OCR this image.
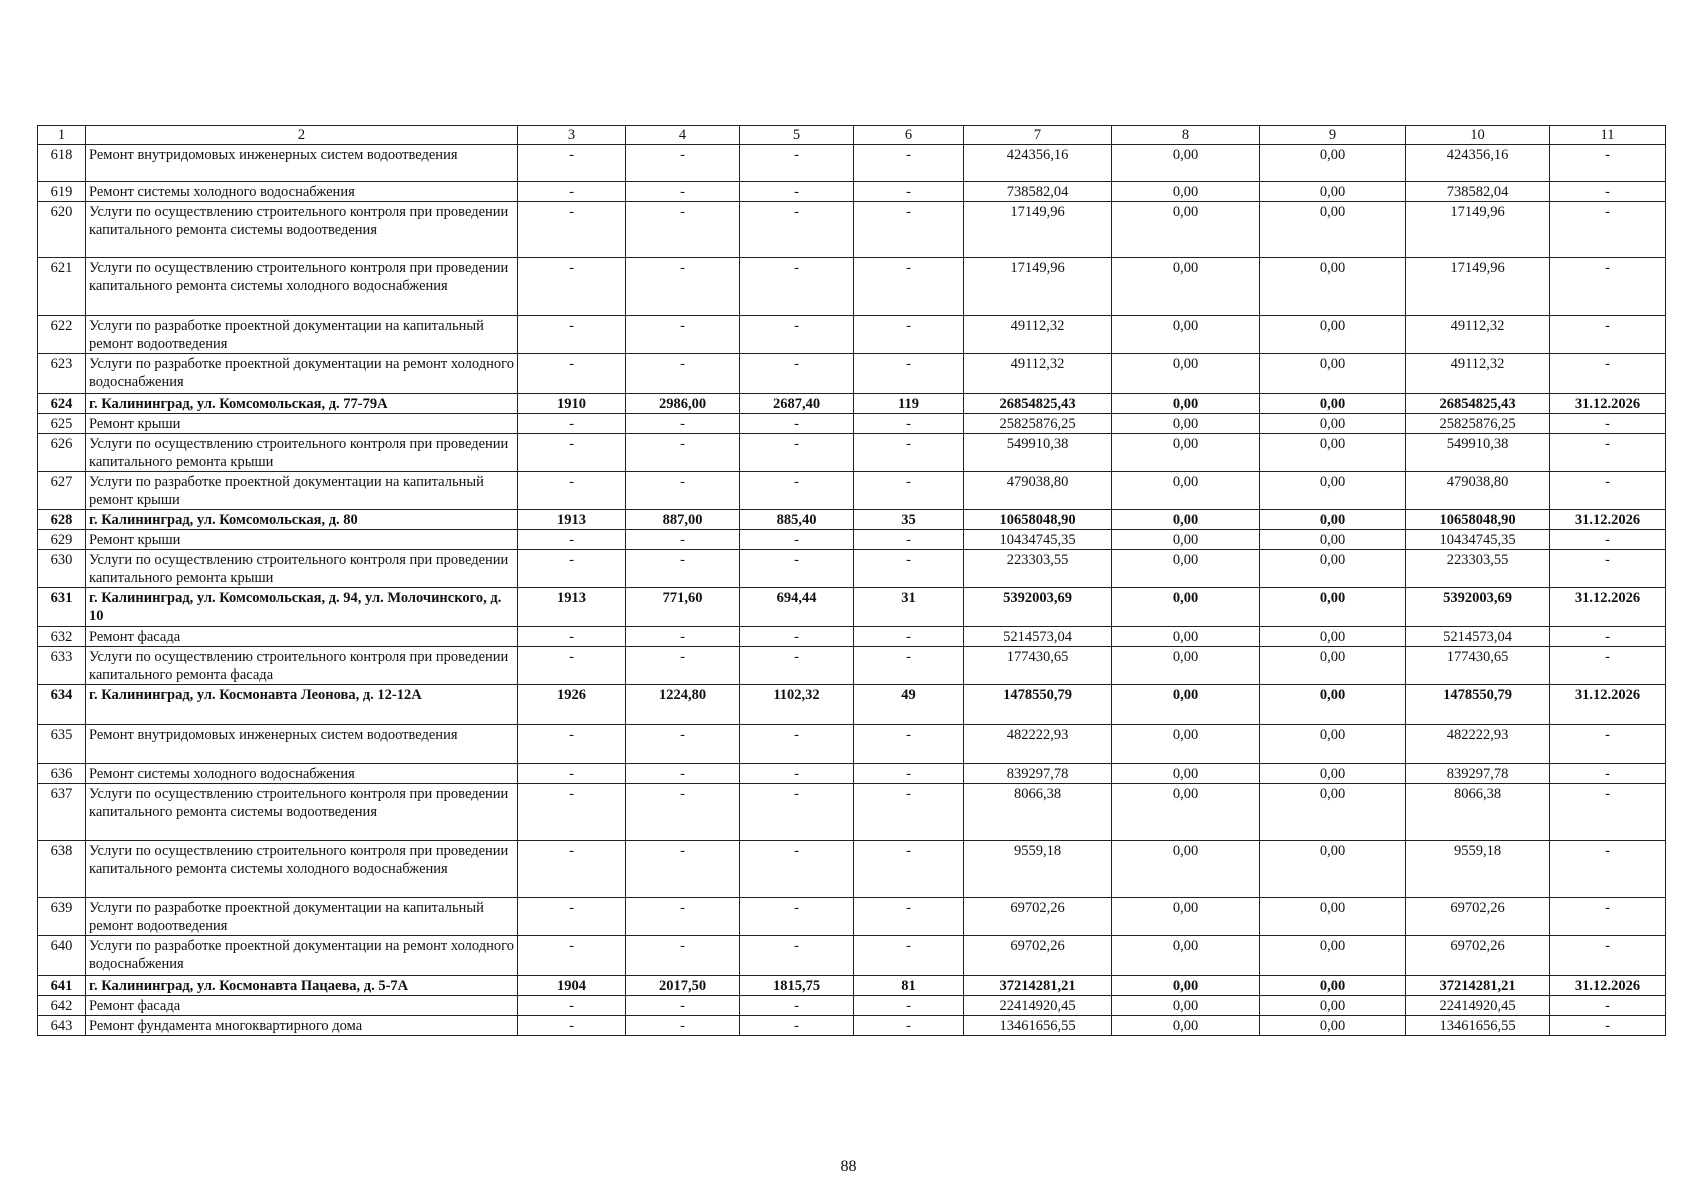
1	2	3	4	5	6	7	8	9	10	11
618	Ремонт внутридомовых инженерных систем водоотведения	-	-	-	-	424356,16	0,00	0,00	424356,16	-
619	Ремонт системы холодного водоснабжения	-	-	-	-	738582,04	0,00	0,00	738582,04	-
620	Услуги по осуществлению строительного контроля при проведении капитального ремонта системы водоотведения	-	-	-	-	17149,96	0,00	0,00	17149,96	-
621	Услуги по осуществлению строительного контроля при проведении капитального ремонта системы холодного водоснабжения	-	-	-	-	17149,96	0,00	0,00	17149,96	-
622	Услуги по разработке проектной документации на капитальный ремонт водоотведения	-	-	-	-	49112,32	0,00	0,00	49112,32	-
623	Услуги по разработке проектной документации на ремонт холодного водоснабжения	-	-	-	-	49112,32	0,00	0,00	49112,32	-
624	г. Калининград, ул. Комсомольская, д. 77-79А	1910	2986,00	2687,40	119	26854825,43	0,00	0,00	26854825,43	31.12.2026
625	Ремонт крыши	-	-	-	-	25825876,25	0,00	0,00	25825876,25	-
626	Услуги по осуществлению строительного контроля при проведении капитального ремонта крыши	-	-	-	-	549910,38	0,00	0,00	549910,38	-
627	Услуги по разработке проектной документации на капитальный ремонт крыши	-	-	-	-	479038,80	0,00	0,00	479038,80	-
628	г. Калининград, ул. Комсомольская, д. 80	1913	887,00	885,40	35	10658048,90	0,00	0,00	10658048,90	31.12.2026
629	Ремонт крыши	-	-	-	-	10434745,35	0,00	0,00	10434745,35	-
630	Услуги по осуществлению строительного контроля при проведении капитального ремонта крыши	-	-	-	-	223303,55	0,00	0,00	223303,55	-
631	г. Калининград, ул. Комсомольская, д. 94, ул. Молочинского, д. 10	1913	771,60	694,44	31	5392003,69	0,00	0,00	5392003,69	31.12.2026
632	Ремонт фасада	-	-	-	-	5214573,04	0,00	0,00	5214573,04	-
633	Услуги по осуществлению строительного контроля при проведении капитального ремонта фасада	-	-	-	-	177430,65	0,00	0,00	177430,65	-
634	г. Калининград, ул. Космонавта Леонова, д. 12-12А	1926	1224,80	1102,32	49	1478550,79	0,00	0,00	1478550,79	31.12.2026
635	Ремонт внутридомовых инженерных систем водоотведения	-	-	-	-	482222,93	0,00	0,00	482222,93	-
636	Ремонт системы холодного водоснабжения	-	-	-	-	839297,78	0,00	0,00	839297,78	-
637	Услуги по осуществлению строительного контроля при проведении капитального ремонта системы водоотведения	-	-	-	-	8066,38	0,00	0,00	8066,38	-
638	Услуги по осуществлению строительного контроля при проведении капитального ремонта системы холодного водоснабжения	-	-	-	-	9559,18	0,00	0,00	9559,18	-
639	Услуги по разработке проектной документации на капитальный ремонт водоотведения	-	-	-	-	69702,26	0,00	0,00	69702,26	-
640	Услуги по разработке проектной документации на ремонт холодного водоснабжения	-	-	-	-	69702,26	0,00	0,00	69702,26	-
641	г. Калининград, ул. Космонавта Пацаева, д. 5-7А	1904	2017,50	1815,75	81	37214281,21	0,00	0,00	37214281,21	31.12.2026
642	Ремонт фасада	-	-	-	-	22414920,45	0,00	0,00	22414920,45	-
643	Ремонт фундамента многоквартирного дома	-	-	-	-	13461656,55	0,00	0,00	13461656,55	-
88
